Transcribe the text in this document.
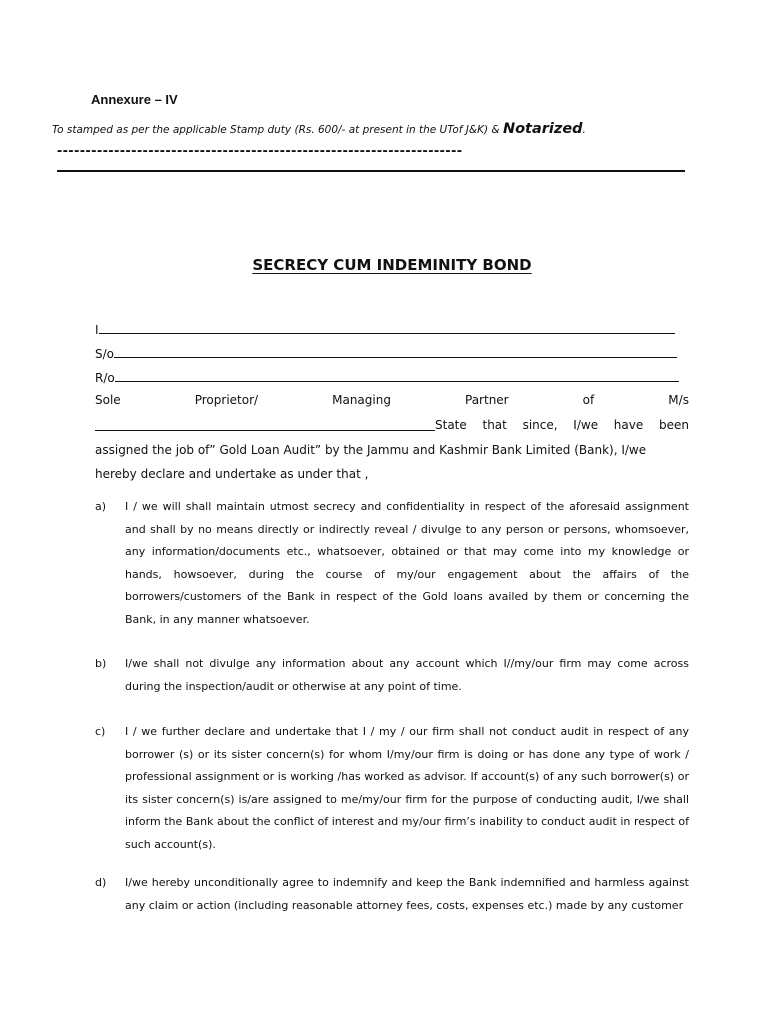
Annexure – IV
To stamped as per the applicable Stamp duty (Rs. 600/- at present in the UTof J&K) & Notarized.
-----------------------------------------------------------------------
SECRECY CUM INDEMINITY BOND
I
S/o
R/o
Sole	Proprietor/	Managing	Partner	of	M/s
State that since, I/we have been
assigned the job of” Gold Loan Audit” by the Jammu and Kashmir Bank Limited (Bank), I/we hereby declare and undertake as under that ,
a) I / we will shall maintain utmost secrecy and confidentiality in respect of the aforesaid assignment and shall by no means directly or indirectly reveal / divulge to any person or persons, whomsoever, any information/documents etc., whatsoever, obtained or that may come into my knowledge or hands, howsoever, during the course of my/our engagement about the affairs of the borrowers/customers of the Bank in respect of the Gold loans availed by them or concerning the Bank, in any manner whatsoever.
b) I/we shall not divulge any information about any account which I//my/our firm may come across during the inspection/audit or otherwise at any point of time.
c) I / we further declare and undertake that I / my / our firm shall not conduct audit in respect of any borrower (s) or its sister concern(s) for whom I/my/our firm is doing or has done any type of work / professional assignment or is working /has worked as advisor. If account(s) of any such borrower(s) or its sister concern(s) is/are assigned to me/my/our firm for the purpose of conducting audit, I/we shall inform the Bank about the conflict of interest and my/our firm’s inability to conduct audit in respect of such account(s).
d) I/we hereby unconditionally agree to indemnify and keep the Bank indemnified and harmless against any claim or action (including reasonable attorney fees, costs, expenses etc.) made by any customer
